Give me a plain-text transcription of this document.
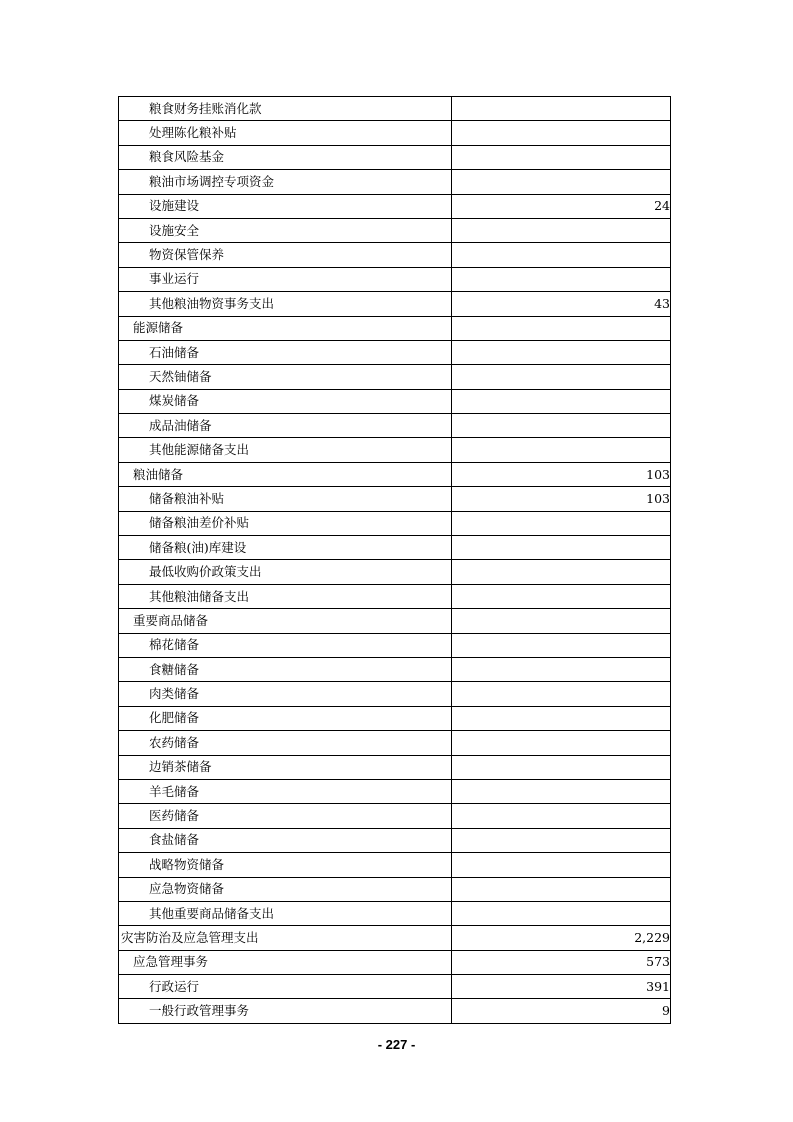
粮食财务挂账消化款	
处理陈化粮补贴	
粮食风险基金	
粮油市场调控专项资金	
设施建设	24
设施安全	
物资保管保养	
事业运行	
其他粮油物资事务支出	43
能源储备	
石油储备	
天然铀储备	
煤炭储备	
成品油储备	
其他能源储备支出	
粮油储备	103
储备粮油补贴	103
储备粮油差价补贴	
储备粮(油)库建设	
最低收购价政策支出	
其他粮油储备支出	
重要商品储备	
棉花储备	
食糖储备	
肉类储备	
化肥储备	
农药储备	
边销茶储备	
羊毛储备	
医药储备	
食盐储备	
战略物资储备	
应急物资储备	
其他重要商品储备支出	
灾害防治及应急管理支出	2,229
应急管理事务	573
行政运行	391
一般行政管理事务	9
- 227 -
